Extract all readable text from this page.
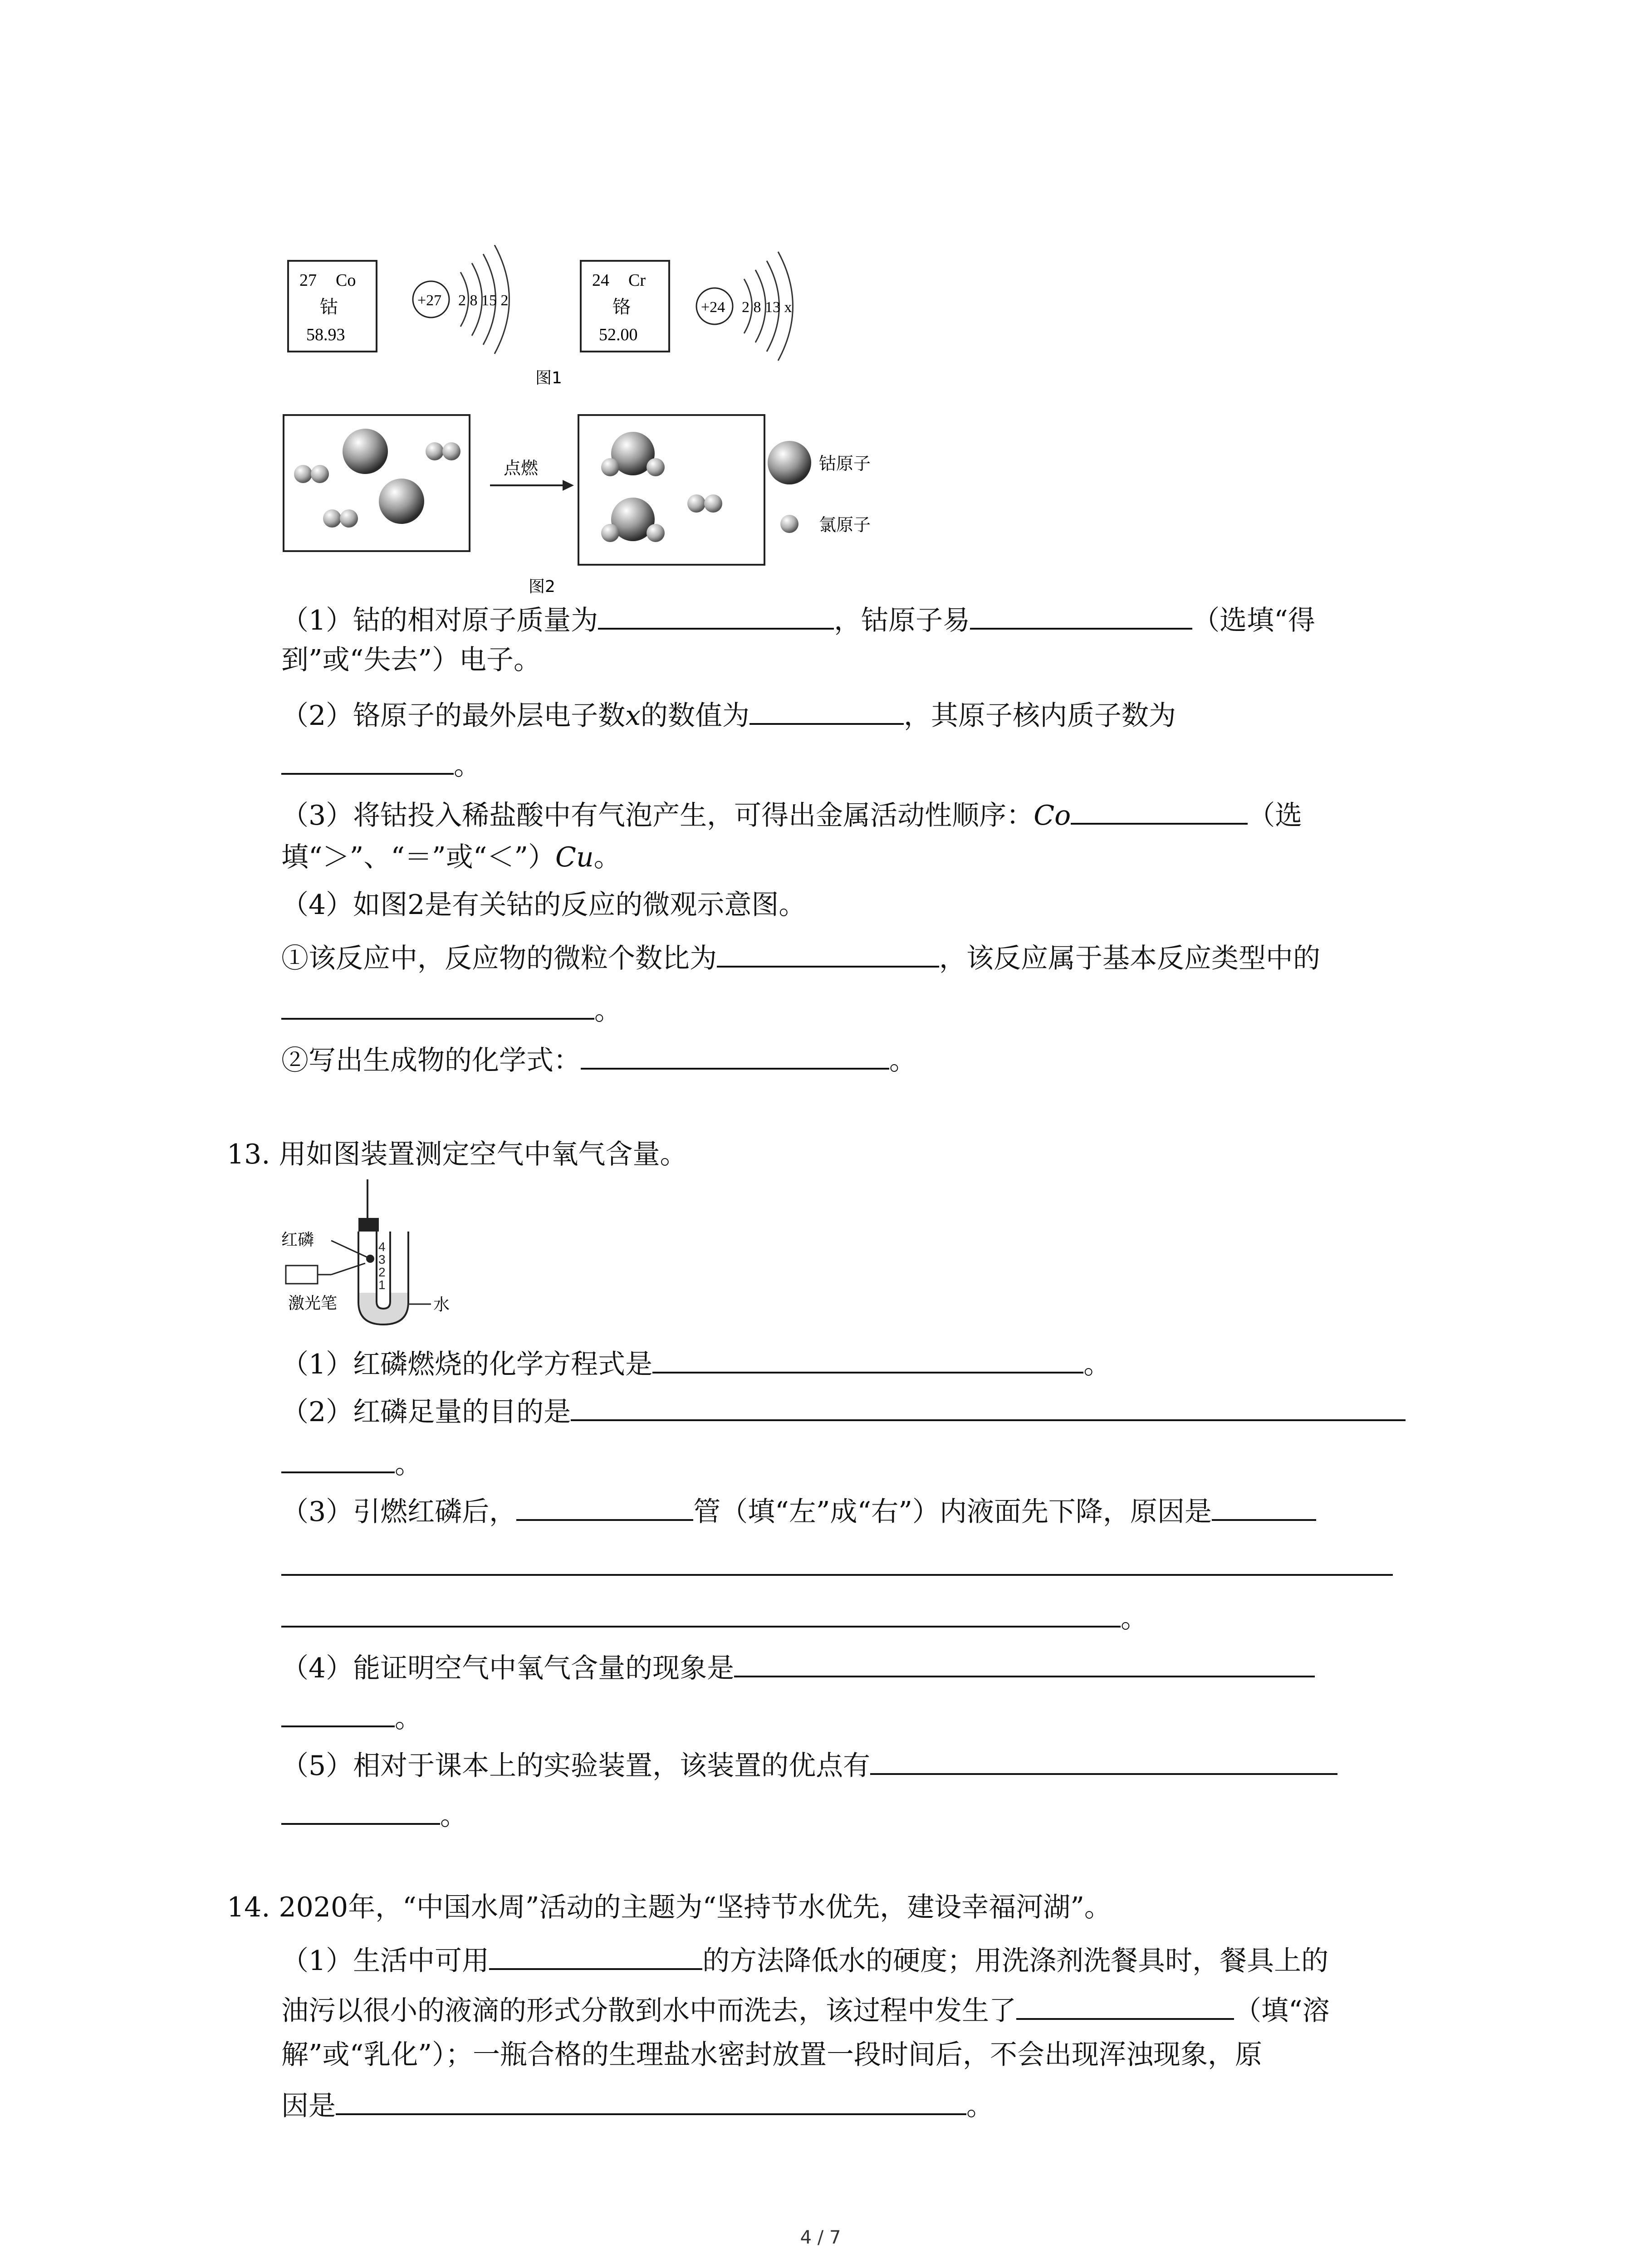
27 Co
钴
58.93
+27 2 8 15 2
24 Cr
铬
52.00
+24 2 8 13 x
图1
点燃	钴原子
氯原子
图2
（1）钴的相对原子质量为	，钴原子易	（选填“得
到”或“失去”）电子。
（2）铬原子的最外层电子数x的数值为	，其原子核内质子数为
。
（3）将钴投入稀盐酸中有气泡产生，可得出金属活动性顺序：Co	（选
填“＞”、“＝”或“＜”）Cu。
（4）如图2是有关钴的反应的微观示意图。
①该反应中，反应物的微粒个数比为	，该反应属于基本反应类型中的
。
②写出生成物的化学式：	。
13. 用如图装置测定空气中氧气含量。
4
3
2
1
红磷
激光笔	水
（1）红磷燃烧的化学方程式是	。
（2）红磷足量的目的是
。
（3）引燃红磷后，	管（填“左”成“右”）内液面先下降，原因是
。
（4）能证明空气中氧气含量的现象是
。
（5）相对于课本上的实验装置，该装置的优点有
。
14. 2020年，“中国水周”活动的主题为“坚持节水优先，建设幸福河湖”。
（1）生活中可用	的方法降低水的硬度；用洗涤剂洗餐具时，餐具上的
油污以很小的液滴的形式分散到水中而洗去，该过程中发生了	（填“溶
解”或“乳化”）；一瓶合格的生理盐水密封放置一段时间后，不会出现浑浊现象，原
因是	。
4 / 7
